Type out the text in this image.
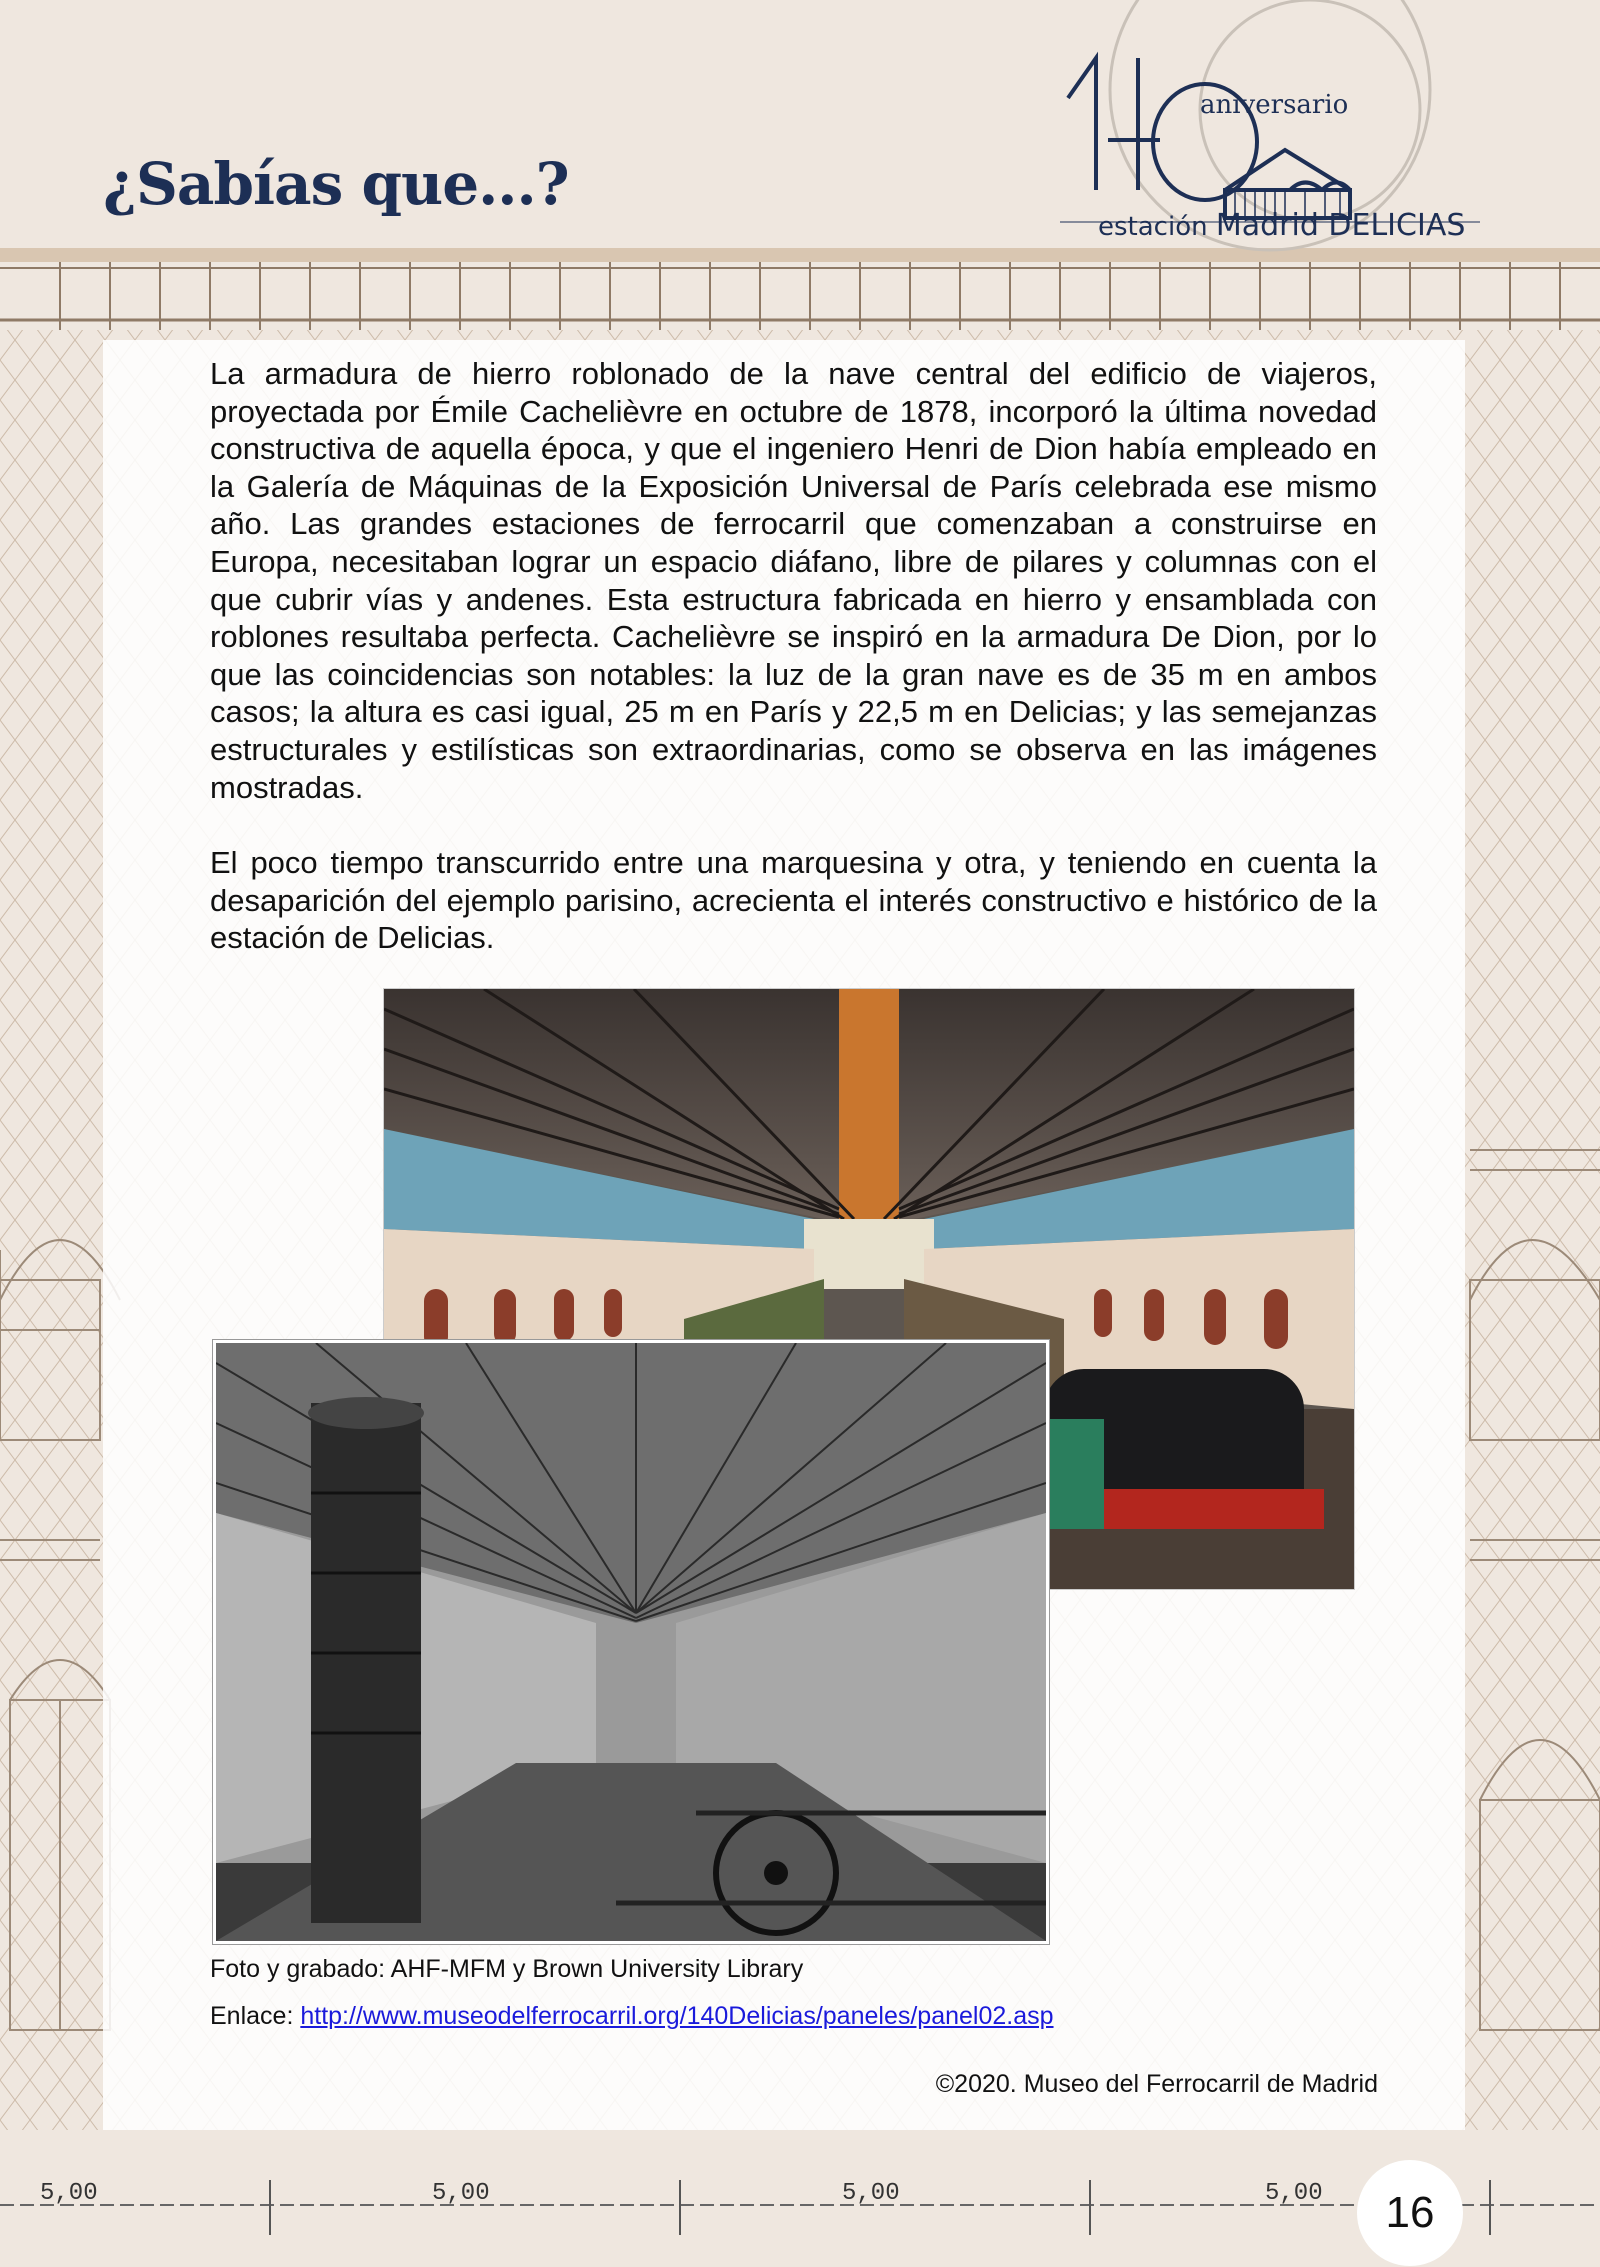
¿Sabías que...?
aniversario
estación Madrid DELICIAS

La armadura de hierro roblonado de la nave central del edificio de viajeros, proyectada por Émile Cachelièvre en octubre de 1878, incorporó la última novedad constructiva de aquella época, y que el ingeniero Henri de Dion había empleado en la Galería de Máquinas de la Exposición Universal de París celebrada ese mismo año. Las grandes estaciones de ferrocarril que comenzaban a construirse en Europa, necesitaban lograr un espacio diáfano, libre de pilares y columnas con el que cubrir vías y andenes. Esta estructura fabricada en hierro y ensamblada con roblones resultaba perfecta. Cachelièvre se inspiró en la armadura De Dion, por lo que las coincidencias son notables: la luz de la gran nave es de 35 m en ambos casos; la altura es casi igual, 25 m en París y 22,5 m en Delicias; y las semejanzas estructurales y estilísticas son extraordinarias, como se observa en las imágenes mostradas.

El poco tiempo transcurrido entre una marquesina y otra, y teniendo en cuenta la desaparición del ejemplo parisino, acrecienta el interés constructivo e histórico de la estación de Delicias.

Foto y grabado: AHF-MFM y Brown University Library
Enlace: http://www.museodelferrocarril.org/140Delicias/paneles/panel02.asp
©2020. Museo del Ferrocarril de Madrid
5,00	5,00	5,00	5,00	16
